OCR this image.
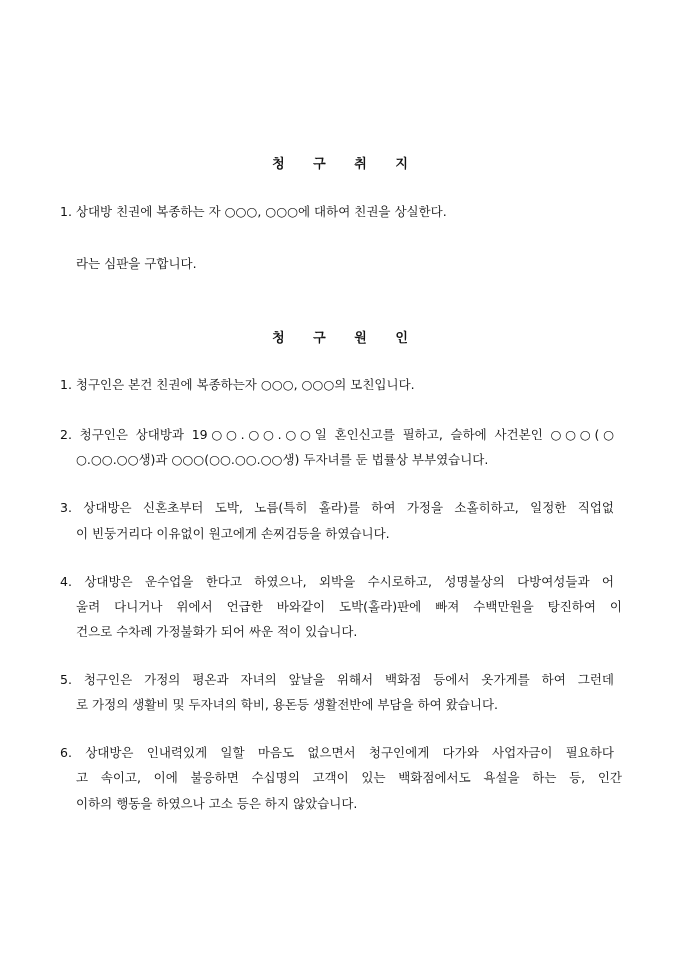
청 구 취 지

1. 상대방 친권에 복종하는 자 ○○○, ○○○에 대하여 친권을 상실한다.

라는 심판을 구합니다.

청 구 원 인

1. 청구인은 본건 친권에 복종하는자 ○○○, ○○○의 모친입니다.

2. 청구인은 상대방과 19○○.○○.○○일 혼인신고를 필하고, 슬하에 사건본인 ○○○(○

○.○○.○○생)과 ○○○(○○.○○.○○생) 두자녀를 둔 법률상 부부였습니다.

3. 상대방은 신혼초부터 도박, 노름(특히 홀라)를 하여 가정을 소홀히하고, 일정한 직업없

이 빈둥거리다 이유없이 원고에게 손찌검등을 하였습니다.

4. 상대방은 운수업을 한다고 하였으나, 외박을 수시로하고, 성명불상의 다방여성들과 어

울려 다니거나 위에서 언급한 바와같이 도박(홀라)판에 빠져 수백만원을 탕진하여 이

건으로 수차례 가정불화가 되어 싸운 적이 있습니다.

5. 청구인은 가정의 평온과 자녀의 앞날을 위해서 백화점 등에서 옷가게를 하여 그런데

로 가정의 생활비 및 두자녀의 학비, 용돈등 생활전반에 부담을 하여 왔습니다.

6. 상대방은 인내력있게 일할 마음도 없으면서 청구인에게 다가와 사업자금이 필요하다

고 속이고, 이에 불응하면 수십명의 고객이 있는 백화점에서도 욕설을 하는 등, 인간

이하의 행동을 하였으나 고소 등은 하지 않았습니다.
